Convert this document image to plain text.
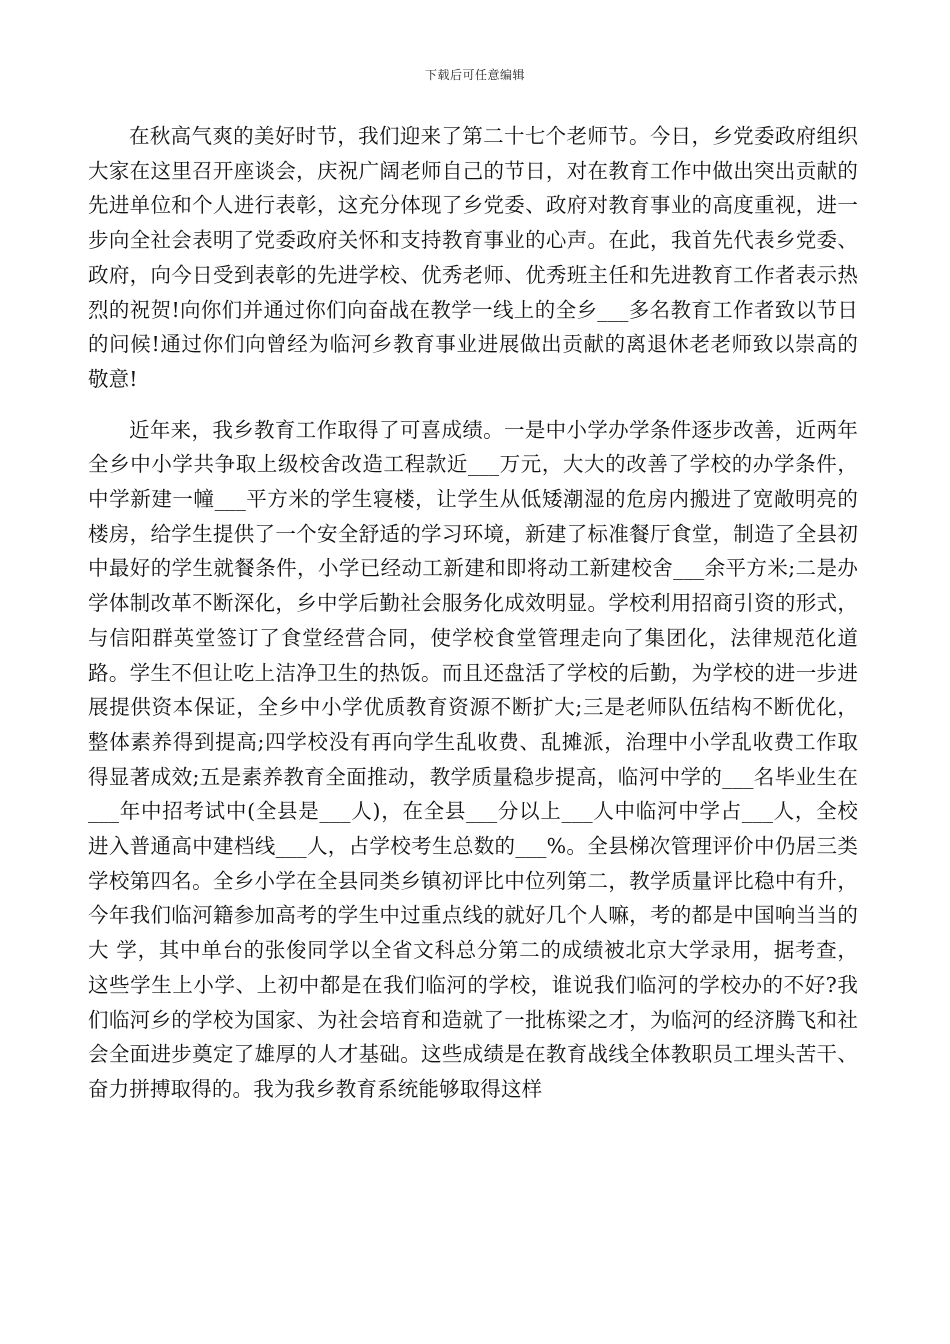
下载后可任意编辑

在秋高气爽的美好时节，我们迎来了第二十七个老师节。今日，乡党委政府组织大家在这里召开座谈会，庆祝广阔老师自己的节日，对在教育工作中做出突出贡献的先进单位和个人进行表彰，这充分体现了乡党委、政府对教育事业的高度重视，进一步向全社会表明了党委政府关怀和支持教育事业的心声。在此，我首先代表乡党委、政府，向今日受到表彰的先进学校、优秀老师、优秀班主任和先进教育工作者表示热烈的祝贺!向你们并通过你们向奋战在教学一线上的全乡___多名教育工作者致以节日的问候!通过你们向曾经为临河乡教育事业进展做出贡献的离退休老老师致以崇高的敬意!

近年来，我乡教育工作取得了可喜成绩。一是中小学办学条件逐步改善，近两年全乡中小学共争取上级校舍改造工程款近___万元，大大的改善了学校的办学条件，中学新建一幢___平方米的学生寝楼，让学生从低矮潮湿的危房内搬进了宽敞明亮的楼房，给学生提供了一个安全舒适的学习环境，新建了标准餐厅食堂，制造了全县初中最好的学生就餐条件，小学已经动工新建和即将动工新建校舍___余平方米;二是办学体制改革不断深化，乡中学后勤社会服务化成效明显。学校利用招商引资的形式，与信阳群英堂签订了食堂经营合同，使学校食堂管理走向了集团化，法律规范化道路。学生不但让吃上洁净卫生的热饭。而且还盘活了学校的后勤，为学校的进一步进展提供资本保证，全乡中小学优质教育资源不断扩大;三是老师队伍结构不断优化，整体素养得到提高;四学校没有再向学生乱收费、乱摊派，治理中小学乱收费工作取得显著成效;五是素养教育全面推动，教学质量稳步提高，临河中学的___名毕业生在___年中招考试中(全县是___人)，在全县___分以上___人中临河中学占___人，全校进入普通高中建档线___人，占学校考生总数的___%。全县梯次管理评价中仍居三类学校第四名。全乡小学在全县同类乡镇初评比中位列第二，教学质量评比稳中有升，今年我们临河籍参加高考的学生中过重点线的就好几个人嘛，考的都是中国响当当的大 学，其中单台的张俊同学以全省文科总分第二的成绩被北京大学录用，据考查，这些学生上小学、上初中都是在我们临河的学校，谁说我们临河的学校办的不好?我们临河乡的学校为国家、为社会培育和造就了一批栋梁之才，为临河的经济腾飞和社会全面进步奠定了雄厚的人才基础。这些成绩是在教育战线全体教职员工埋头苦干、奋力拼搏取得的。我为我乡教育系统能够取得这样
